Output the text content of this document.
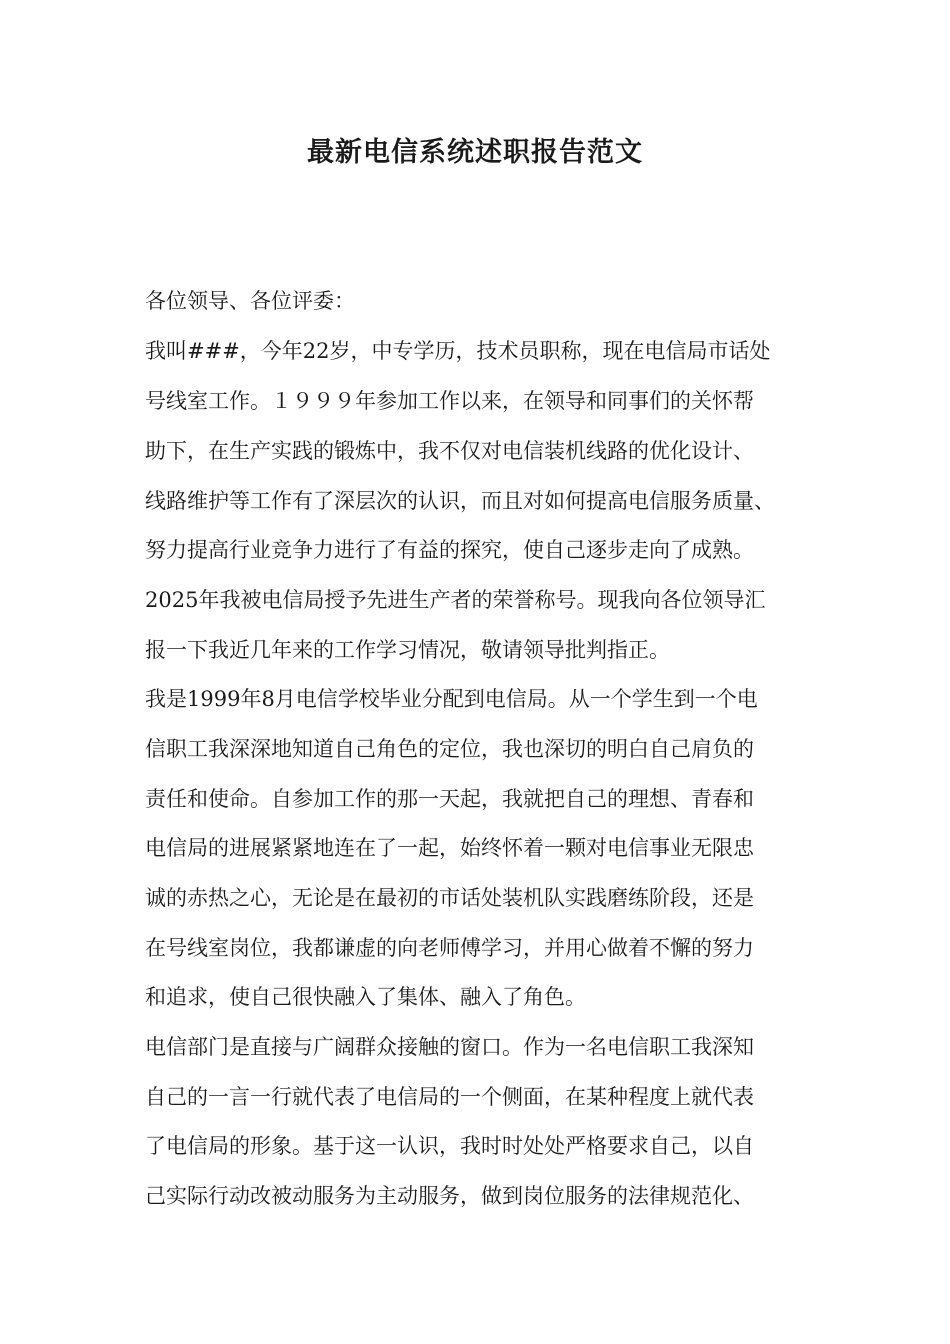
最新电信系统述职报告范文
各位领导、各位评委：
我叫###，今年22岁，中专学历，技术员职称，现在电信局市话处
号线室工作。１９９９年参加工作以来，在领导和同事们的关怀帮
助下，在生产实践的锻炼中，我不仅对电信装机线路的优化设计、
线路维护等工作有了深层次的认识，而且对如何提高电信服务质量、
努力提高行业竞争力进行了有益的探究，使自己逐步走向了成熟。
2025年我被电信局授予先进生产者的荣誉称号。现我向各位领导汇
报一下我近几年来的工作学习情况，敬请领导批判指正。
我是1999年8月电信学校毕业分配到电信局。从一个学生到一个电
信职工我深深地知道自己角色的定位，我也深切的明白自己肩负的
责任和使命。自参加工作的那一天起，我就把自己的理想、青春和
电信局的进展紧紧地连在了一起，始终怀着一颗对电信事业无限忠
诚的赤热之心，无论是在最初的市话处装机队实践磨练阶段，还是
在号线室岗位，我都谦虚的向老师傅学习，并用心做着不懈的努力
和追求，使自己很快融入了集体、融入了角色。
电信部门是直接与广阔群众接触的窗口。作为一名电信职工我深知
自己的一言一行就代表了电信局的一个侧面，在某种程度上就代表
了电信局的形象。基于这一认识，我时时处处严格要求自己，以自
己实际行动改被动服务为主动服务，做到岗位服务的法律规范化、
